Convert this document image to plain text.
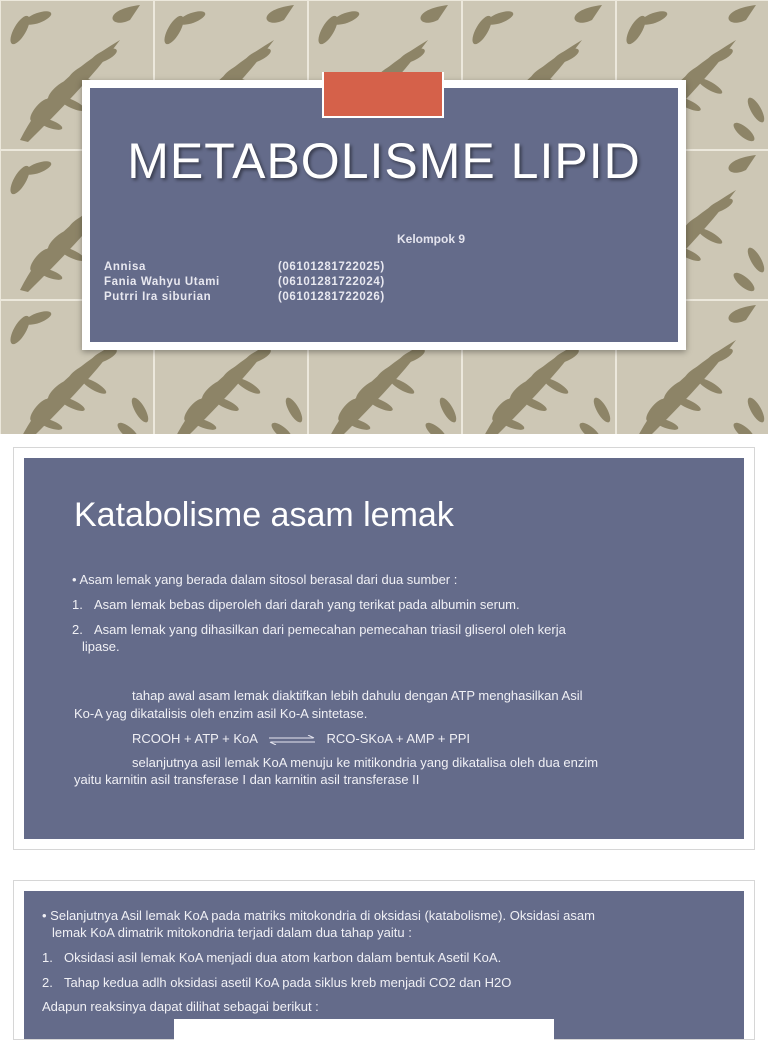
METABOLISME LIPID
Kelompok 9
Annisa	(06101281722025)
Fania Wahyu Utami	(06101281722024)
Putrri Ira siburian	(06101281722026)
Katabolisme asam lemak
• Asam lemak yang berada dalam sitosol berasal dari dua sumber :
1. Asam lemak bebas diperoleh dari darah yang terikat pada albumin serum.
2. Asam lemak yang dihasilkan dari pemecahan pemecahan triasil gliserol oleh kerja
lipase.
tahap awal asam lemak diaktifkan lebih dahulu dengan ATP menghasilkan Asil
Ko-A yag dikatalisis oleh enzim asil Ko-A sintetase.
RCOOH + ATP + KoA ⇌ RCO-SKoA + AMP + PPI
selanjutnya asil lemak KoA menuju ke mitikondria yang dikatalisa oleh dua enzim
yaitu karnitin asil transferase I dan karnitin asil transferase II
• Selanjutnya Asil lemak KoA pada matriks mitokondria di oksidasi (katabolisme). Oksidasi asam
lemak KoA dimatrik mitokondria terjadi dalam dua tahap yaitu :
1. Oksidasi asil lemak KoA menjadi dua atom karbon dalam bentuk Asetil KoA.
2. Tahap kedua adlh oksidasi asetil KoA pada siklus kreb menjadi CO2 dan H2O
Adapun reaksinya dapat dilihat sebagai berikut :
